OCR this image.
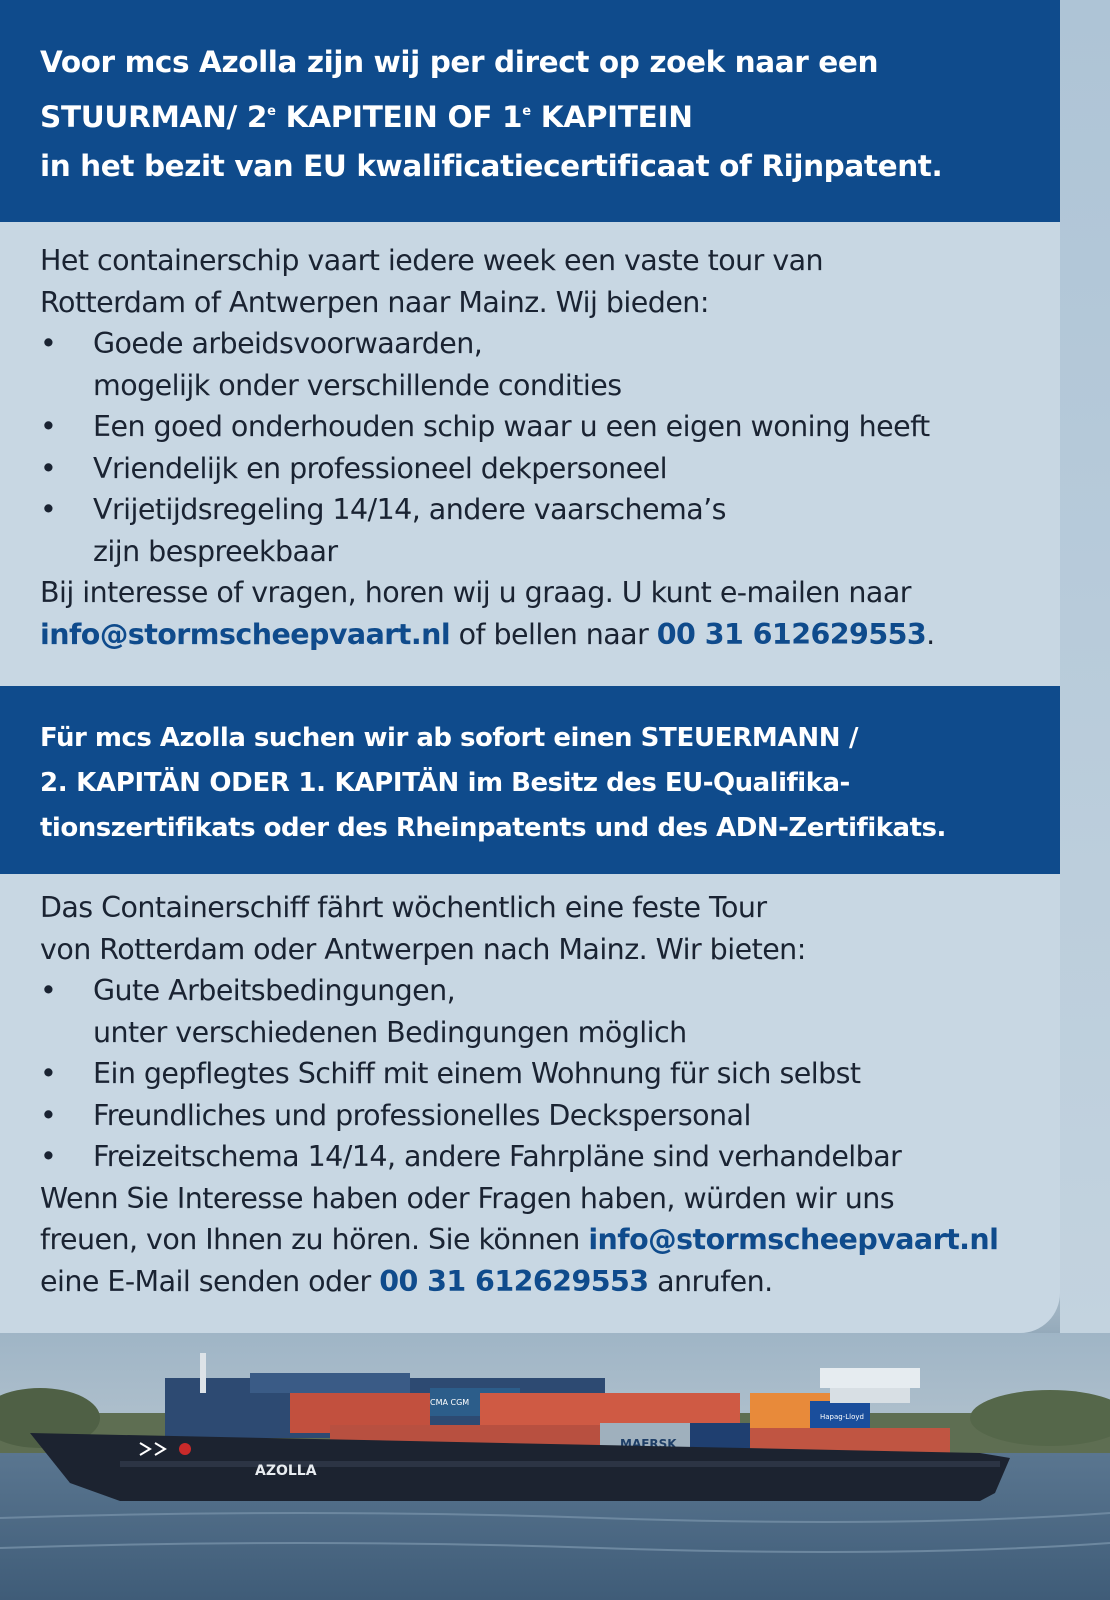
Voor mcs Azolla zijn wij per direct op zoek naar een
STUURMAN/ 2e KAPITEIN OF 1e KAPITEIN
in het bezit van EU kwalificatiecertificaat of Rijnpatent.

Het containerschip vaart iedere week een vaste tour van

Rotterdam of Antwerpen naar Mainz. Wij bieden:

• Goede arbeidsvoorwaarden,
mogelijk onder verschillende condities
• Een goed onderhouden schip waar u een eigen woning heeft
• Vriendelijk en professioneel dekpersoneel
• Vrijetijdsregeling 14/14, andere vaarschema’s
zijn bespreekbaar

Bij interesse of vragen, horen wij u graag. U kunt e-mailen naar

info@stormscheepvaart.nl of bellen naar 00 31 612629553.

Für mcs Azolla suchen wir ab sofort einen STEUERMANN /
2. KAPITÄN ODER 1. KAPITÄN im Besitz des EU-Qualifika-
tionszertifikats oder des Rheinpatents und des ADN-Zertifikats.

Das Containerschiff fährt wöchentlich eine feste Tour

von Rotterdam oder Antwerpen nach Mainz. Wir bieten:

• Gute Arbeitsbedingungen,
unter verschiedenen Bedingungen möglich
• Ein gepflegtes Schiff mit einem Wohnung für sich selbst
• Freundliches und professionelles Deckspersonal
• Freizeitschema 14/14, andere Fahrpläne sind verhandelbar

Wenn Sie Interesse haben oder Fragen haben, würden wir uns

freuen, von Ihnen zu hören. Sie können info@stormscheepvaart.nl

eine E-Mail senden oder 00 31 612629553 anrufen.

MAERSK
CMA CGM
Hapag-Lloyd
AZOLLA
